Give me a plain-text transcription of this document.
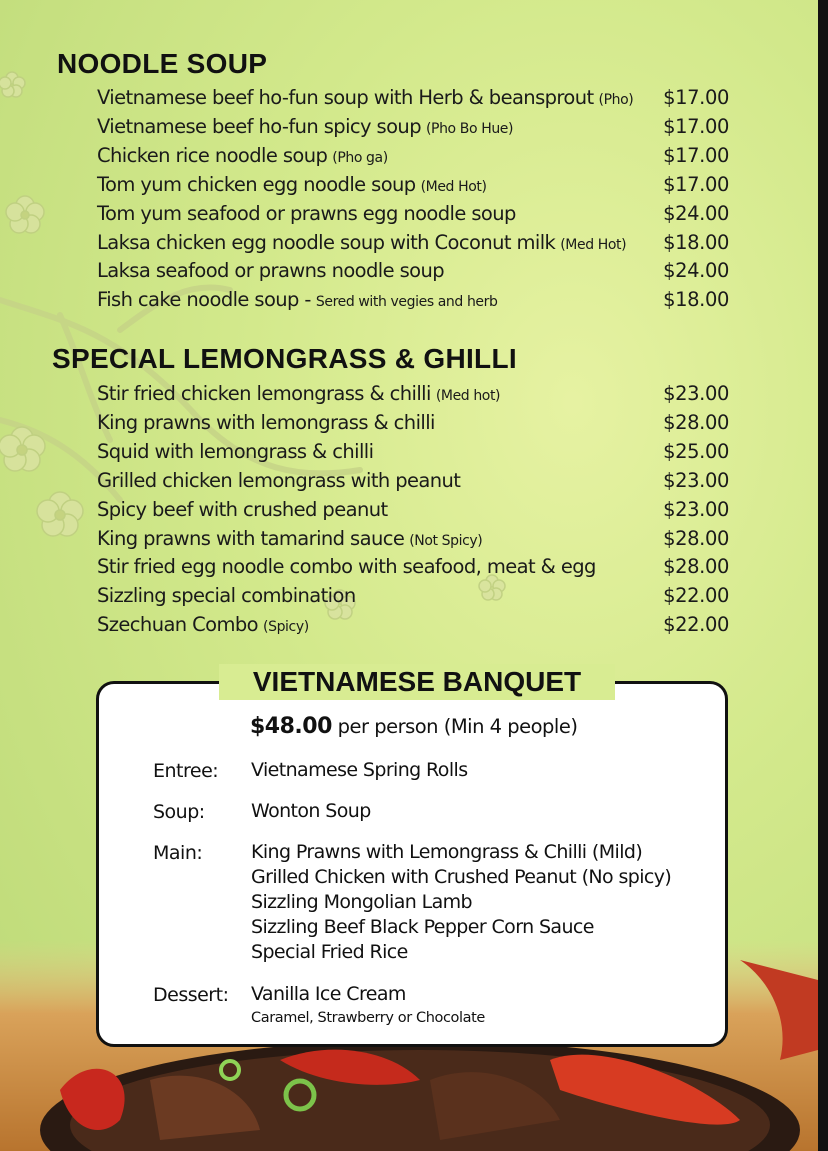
NOODLE SOUP
Vietnamese beef ho-fun soup with Herb & beansprout (Pho) $17.00
Vietnamese beef ho-fun spicy soup (Pho Bo Hue)	$17.00
Chicken rice noodle soup (Pho ga)	$17.00
Tom yum chicken egg noodle soup (Med Hot)	$17.00
Tom yum seafood or prawns egg noodle soup	$24.00
Laksa chicken egg noodle soup with Coconut milk (Med Hot) $18.00
Laksa seafood or prawns noodle soup	$24.00
Fish cake noodle soup - Sered with vegies and herb	$18.00
SPECIAL LEMONGRASS & GHILLI
Stir fried chicken lemongrass & chilli (Med hot)	$23.00
King prawns with lemongrass & chilli	$28.00
Squid with lemongrass & chilli	$25.00
Grilled chicken lemongrass with peanut	$23.00
Spicy beef with crushed peanut	$23.00
King prawns with tamarind sauce (Not Spicy)	$28.00
Stir fried egg noodle combo with seafood, meat & egg	$28.00
Sizzling special combination	$22.00
Szechuan Combo (Spicy)	$22.00
VIETNAMESE BANQUET
$48.00 per person (Min 4 people)
Entree: Vietnamese Spring Rolls
Soup: Wonton Soup
Main:	King Prawns with Lemongrass & Chilli (Mild)
Grilled Chicken with Crushed Peanut (No spicy)
Sizzling Mongolian Lamb
Sizzling Beef Black Pepper Corn Sauce
Special Fried Rice
Dessert: Vanilla Ice Cream
Caramel, Strawberry or Chocolate
